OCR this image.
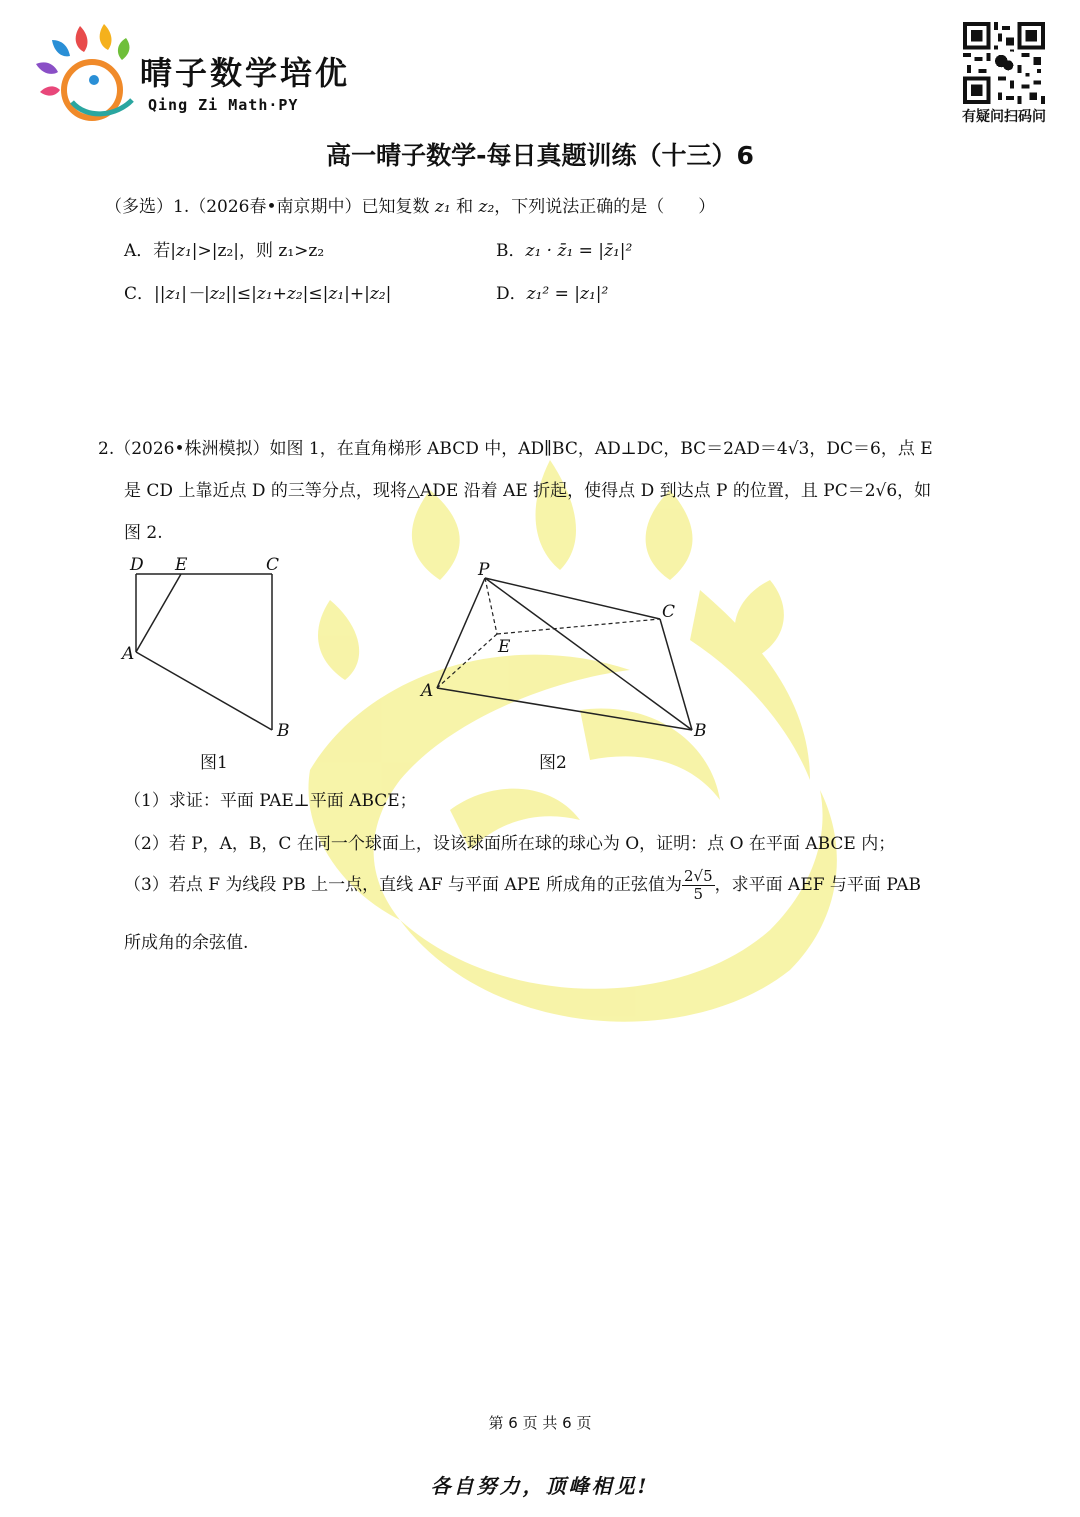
晴子数学培优
Qing Zi Math·PY
有疑问扫码问
高一晴子数学-每日真题训练（十三）6
（多选）1.（2026春•南京期中）已知复数 z₁ 和 z₂，下列说法正确的是（　　）
A．若|z₁|>|z₂|，则 z₁>z₂	B．z₁ · z̄₁ = |z̄₁|²
C．||z₁|－|z₂||≤|z₁+z₂|≤|z₁|+|z₂|	D．z₁² = |z₁|²
2.（2026•株洲模拟）如图 1，在直角梯形 ABCD 中，AD∥BC，AD⊥DC，BC＝2AD＝4√3，DC＝6，点 E
是 CD 上靠近点 D 的三等分点，现将△ADE 沿着 AE 折起，使得点 D 到达点 P 的位置，且 PC＝2√6，如
图 2.
D E	C
A
B
图1
P
C
E
A
B
图2
（1）求证：平面 PAE⊥平面 ABCE；
（2）若 P，A，B，C 在同一个球面上，设该球面所在球的球心为 O，证明：点 O 在平面 ABCE 内；
（3）若点 F 为线段 PB 上一点，直线 AF 与平面 APE 所成角的正弦值为 $\frac{2√5}{5}$ ，求平面 AEF 与平面 PAB
所成角的余弦值.
第 6 页 共 6 页
各自努力，顶峰相见!
